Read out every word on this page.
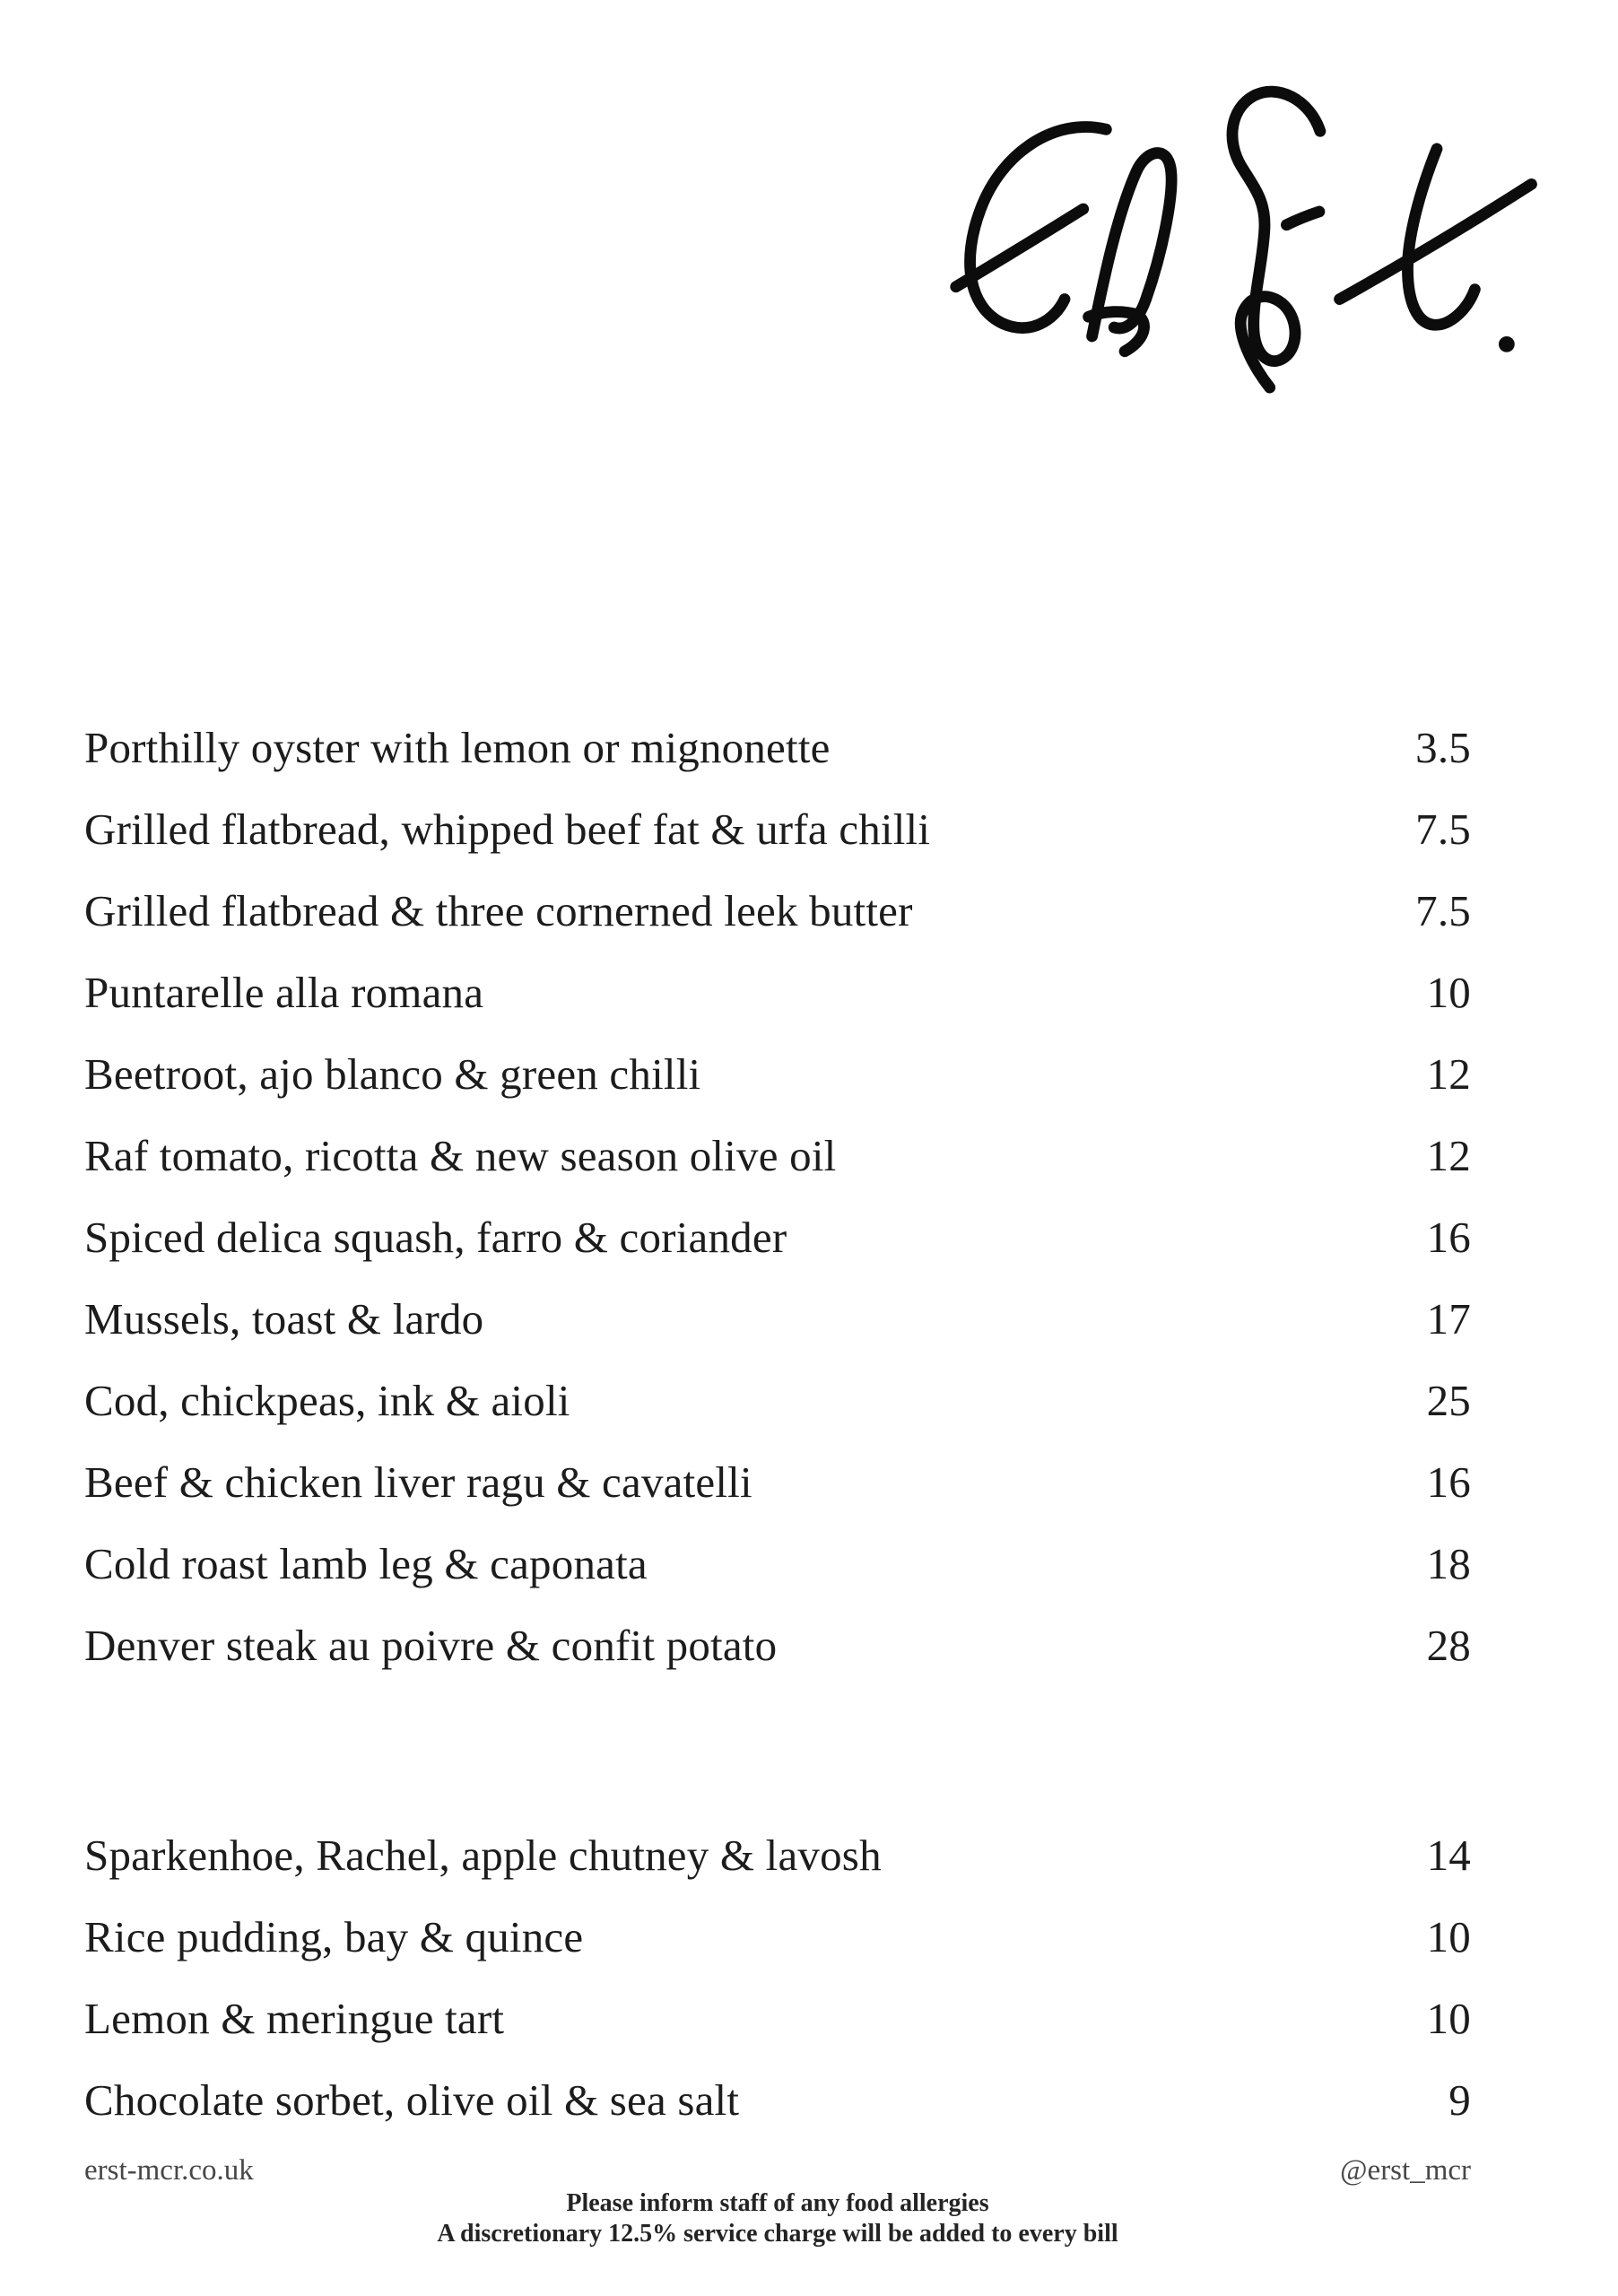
Porthilly oyster with lemon or mignonette	3.5
Grilled flatbread, whipped beef fat & urfa chilli	7.5
Grilled flatbread & three cornerned leek butter	7.5
Puntarelle alla romana	10
Beetroot, ajo blanco & green chilli	12
Raf tomato, ricotta & new season olive oil	12
Spiced delica squash, farro & coriander	16
Mussels, toast & lardo	17
Cod, chickpeas, ink & aioli	25
Beef & chicken liver ragu & cavatelli	16
Cold roast lamb leg & caponata	18
Denver steak au poivre & confit potato	28
Sparkenhoe, Rachel, apple chutney & lavosh	14
Rice pudding, bay & quince	10
Lemon & meringue tart	10
Chocolate sorbet, olive oil & sea salt	9
erst-mcr.co.uk	@erst_mcr
Please inform staff of any food allergies
A discretionary 12.5% service charge will be added to every bill
